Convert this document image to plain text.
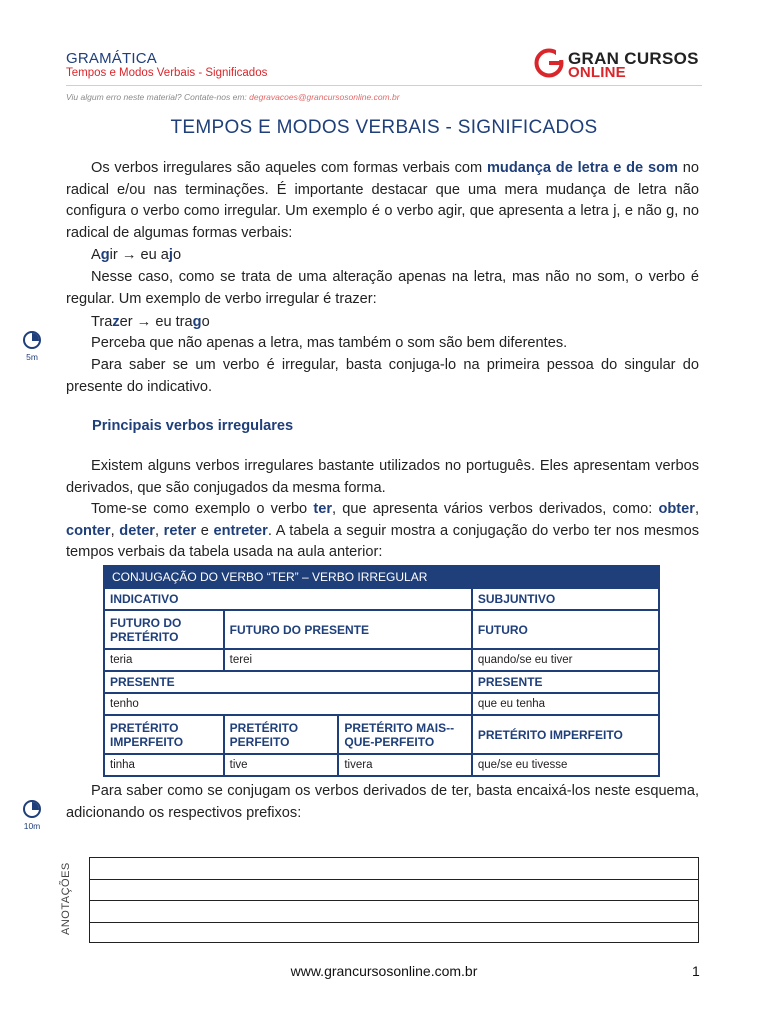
GRAMÁTICA
Tempos e Modos Verbais - Significados
Viu algum erro neste material? Contate-nos em: degravacoes@grancursosonline.com.br
GRAN CURSOS
ONLINE
TEMPOS E MODOS VERBAIS - SIGNIFICADOS
Os verbos irregulares são aqueles com formas verbais com mudança de letra e de som no radical e/ou nas terminações. É importante destacar que uma mera mudança de letra não configura o verbo como irregular. Um exemplo é o verbo agir, que apresenta a letra j, e não g, no radical de algumas formas verbais:
Agir → eu ajo
Nesse caso, como se trata de uma alteração apenas na letra, mas não no som, o verbo é regular. Um exemplo de verbo irregular é trazer:
Trazer → eu trago
Perceba que não apenas a letra, mas também o som são bem diferentes.
5m	Para saber se um verbo é irregular, basta conjuga-lo na primeira pessoa do singular do presente do indicativo.
Principais verbos irregulares
Existem alguns verbos irregulares bastante utilizados no português. Eles apresentam verbos derivados, que são conjugados da mesma forma.
Tome-se como exemplo o verbo ter, que apresenta vários verbos derivados, como: obter, conter, deter, reter e entreter. A tabela a seguir mostra a conjugação do verbo ter nos mesmos tempos verbais da tabela usada na aula anterior:
CONJUGAÇÃO DO VERBO “TER” – VERBO IRREGULAR			
INDICATIVO			SUBJUNTIVO
FUTURO DO PRETÉRITO	FUTURO DO PRESENTE		FUTURO
teria	terei		quando/se eu tiver
PRESENTE			PRESENTE
tenho			que eu tenha
PRETÉRITO IMPERFEITO	PRETÉRITO PERFEITO	PRETÉRITO MAIS--QUE-PERFEITO	PRETÉRITO IMPERFEITO
tinha	tive	tivera	que/se eu tivesse
Para saber como se conjugam os verbos derivados de ter, basta encaixá-los neste esquema, adicionando os respectivos prefixos:
10m
ANOTAÇÕES
www.grancursosonline.com.br	1
